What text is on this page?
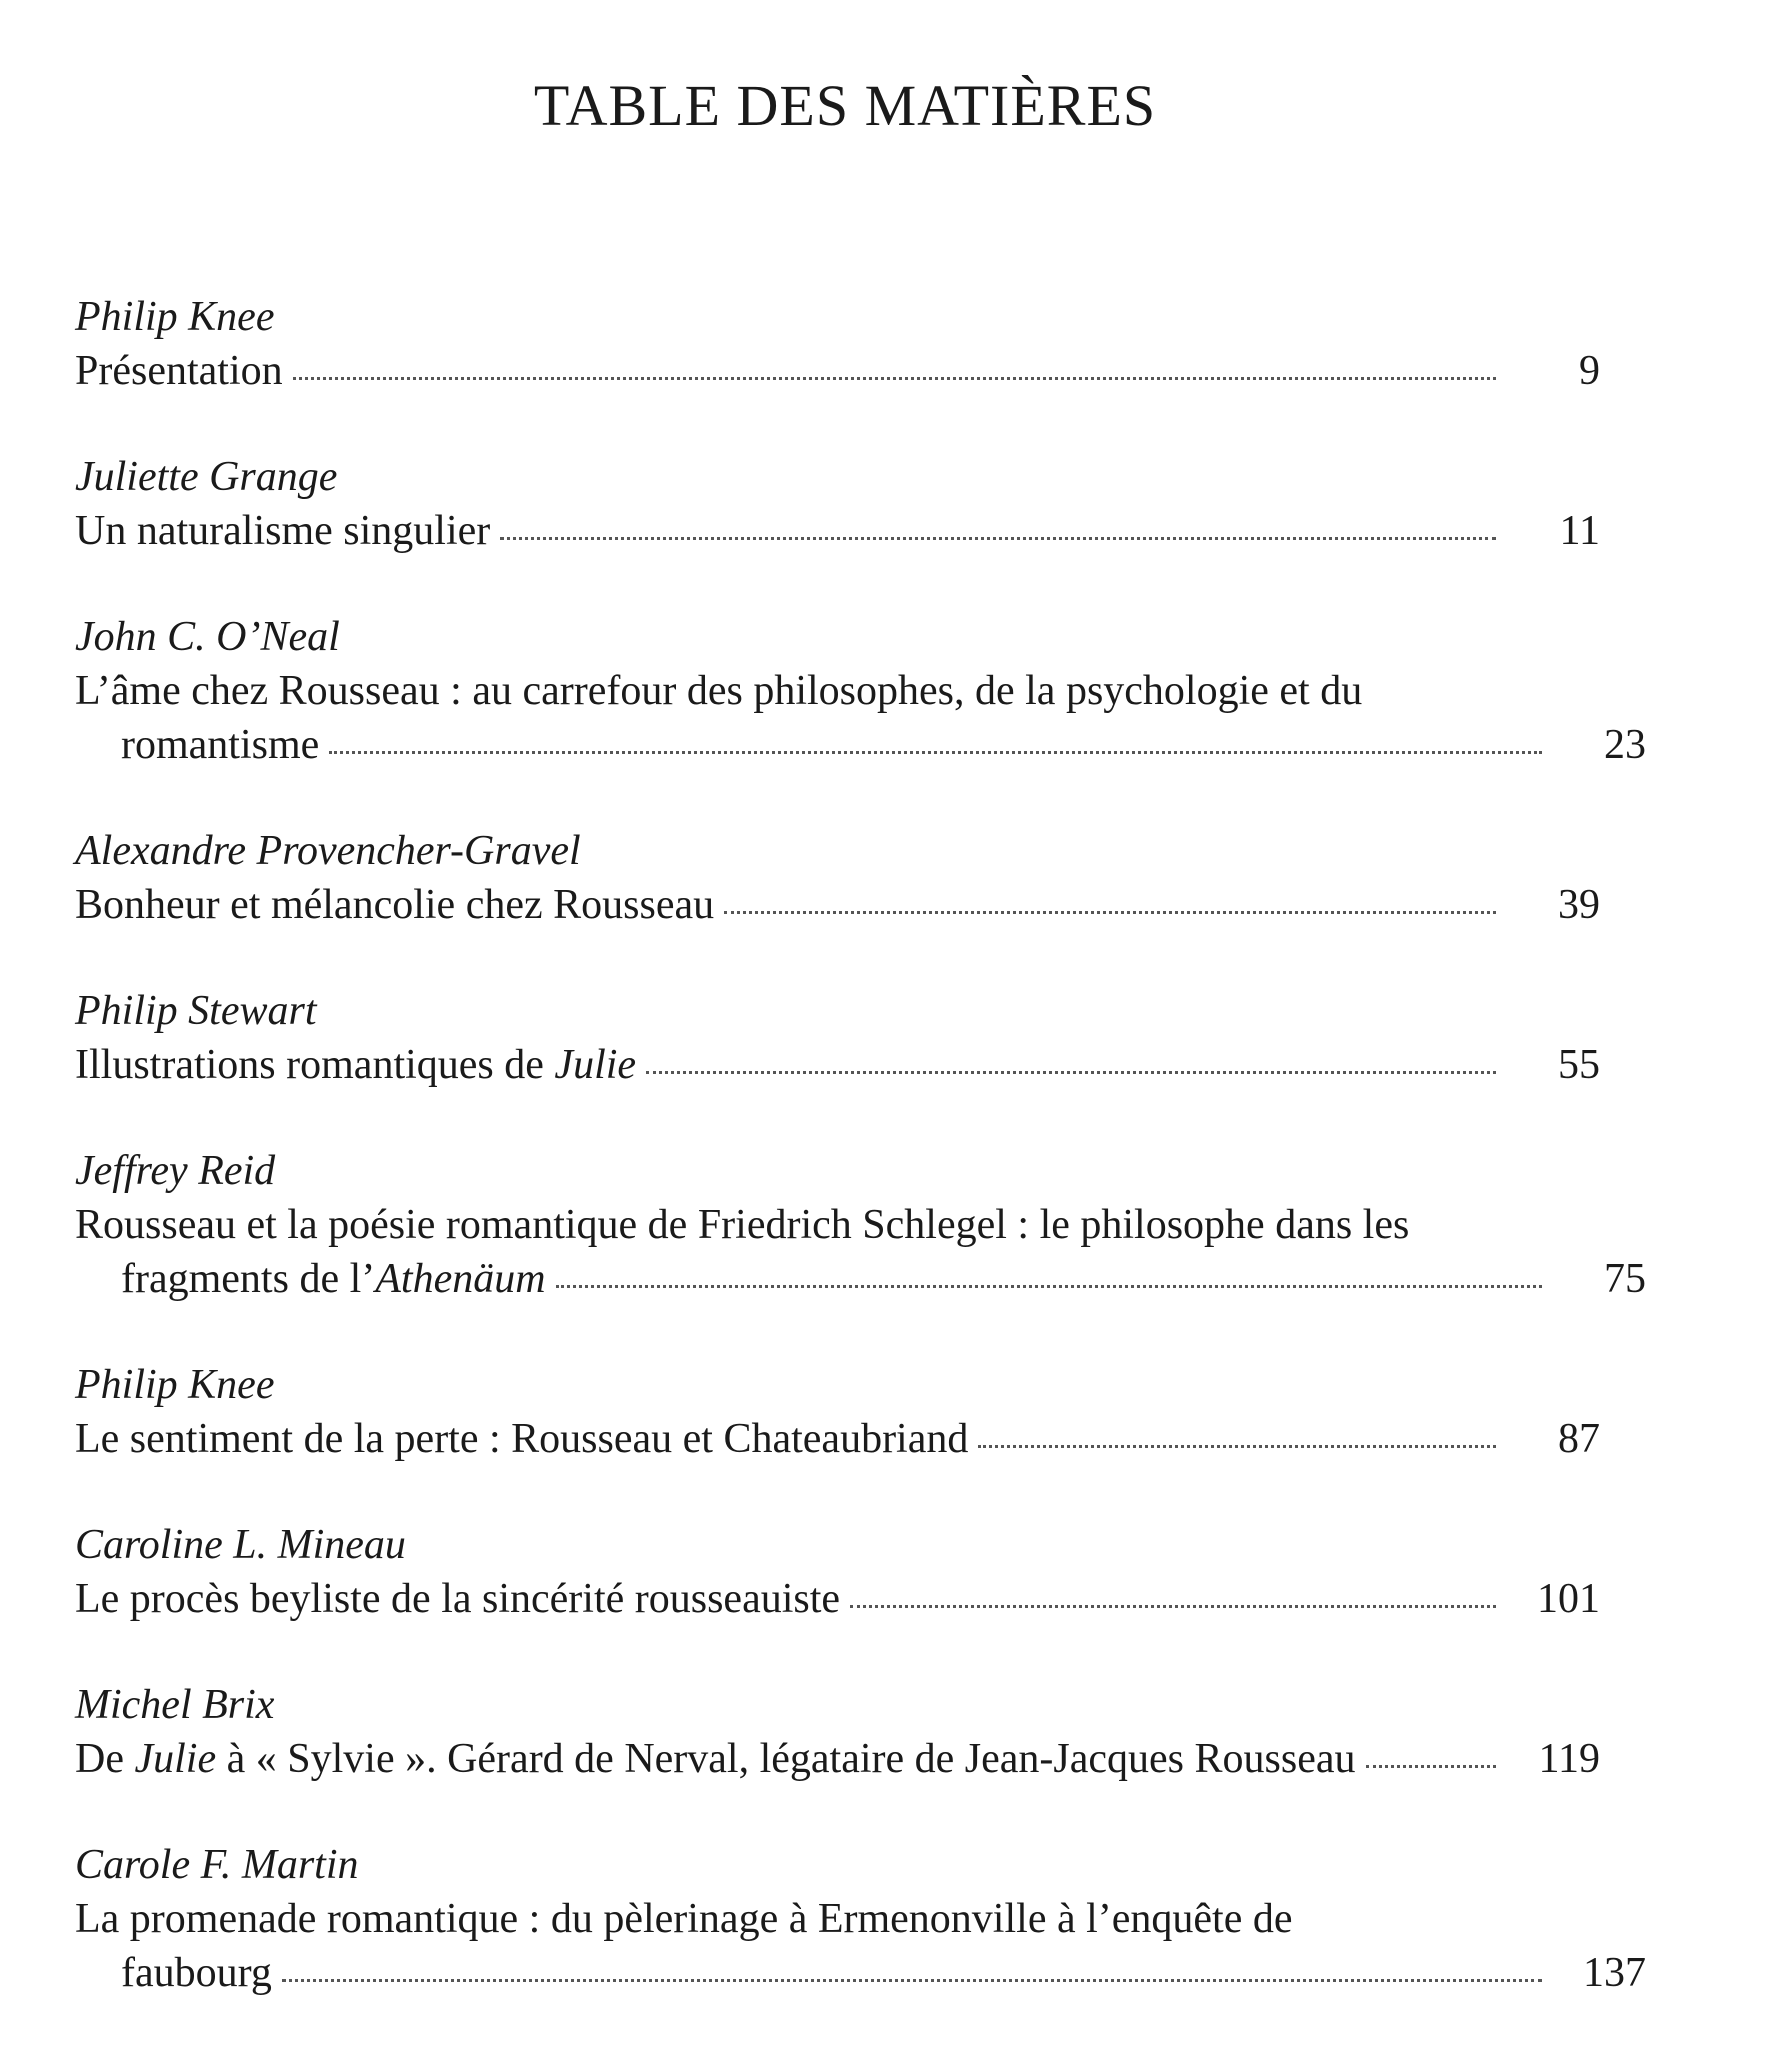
TABLE DES MATIÈRES
Philip Knee
Présentation	9
Juliette Grange
Un naturalisme singulier	11
John C. O’Neal
L’âme chez Rousseau : au carrefour des philosophes, de la psychologie et du
romantisme	23
Alexandre Provencher-Gravel
Bonheur et mélancolie chez Rousseau	39
Philip Stewart
Illustrations romantiques de Julie	55
Jeffrey Reid
Rousseau et la poésie romantique de Friedrich Schlegel : le philosophe dans les
fragments de l’Athenäum	75
Philip Knee
Le sentiment de la perte : Rousseau et Chateaubriand	87
Caroline L. Mineau
Le procès beyliste de la sincérité rousseauiste	101
Michel Brix
De Julie à « Sylvie ». Gérard de Nerval, légataire de Jean-Jacques Rousseau	119
Carole F. Martin
La promenade romantique : du pèlerinage à Ermenonville à l’enquête de
faubourg	137
